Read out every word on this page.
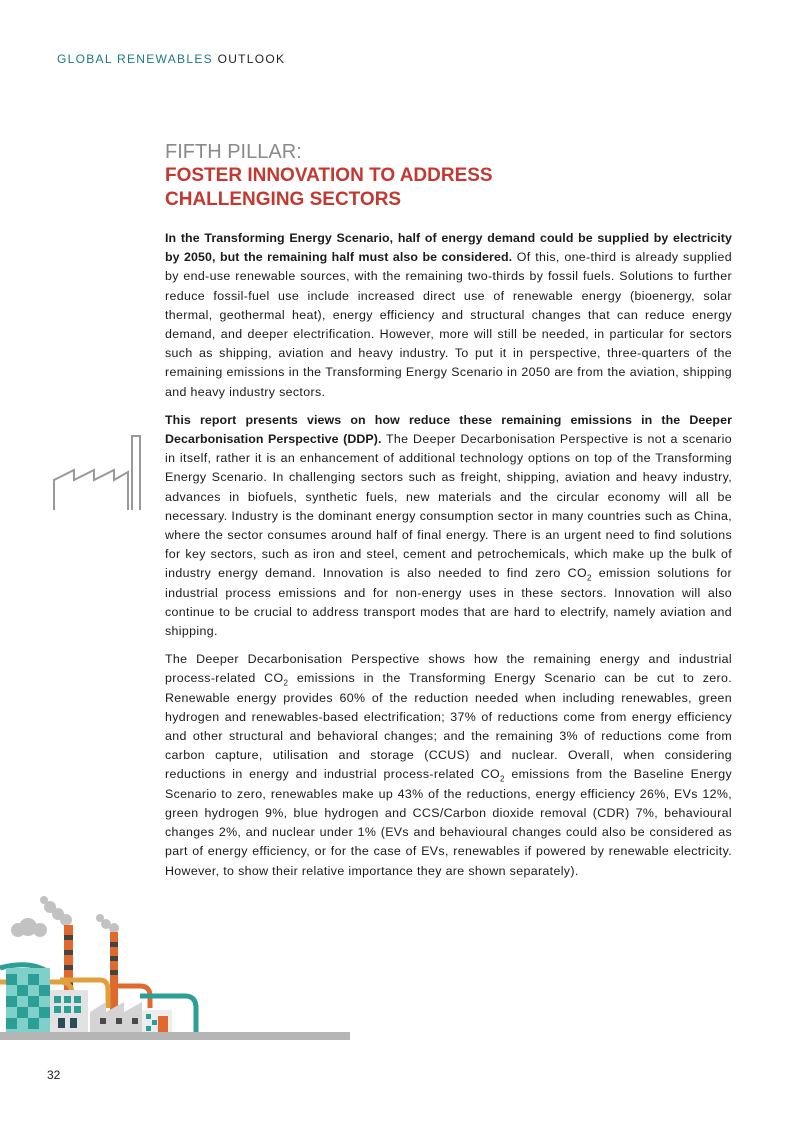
GLOBAL RENEWABLES OUTLOOK
FIFTH PILLAR:
FOSTER INNOVATION TO ADDRESS
CHALLENGING SECTORS

In the Transforming Energy Scenario, half of energy demand could be supplied by electricity by 2050, but the remaining half must also be considered. Of this, one-third is already supplied by end-use renewable sources, with the remaining two-thirds by fossil fuels. Solutions to further reduce fossil-fuel use include increased direct use of renewable energy (bioenergy, solar thermal, geothermal heat), energy efficiency and structural changes that can reduce energy demand, and deeper electrification. However, more will still be needed, in particular for sectors such as shipping, aviation and heavy industry. To put it in perspective, three-quarters of the remaining emissions in the Transforming Energy Scenario in 2050 are from the aviation, shipping and heavy industry sectors.

This report presents views on how reduce these remaining emissions in the Deeper Decarbonisation Perspective (DDP). The Deeper Decarbonisation Perspective is not a scenario in itself, rather it is an enhancement of additional technology options on top of the Transforming Energy Scenario. In challenging sectors such as freight, shipping, aviation and heavy industry, advances in biofuels, synthetic fuels, new materials and the circular economy will all be necessary. Industry is the dominant energy consumption sector in many countries such as China, where the sector consumes around half of final energy. There is an urgent need to find solutions for key sectors, such as iron and steel, cement and petrochemicals, which make up the bulk of industry energy demand. Innovation is also needed to find zero $CO_2$ emission solutions for industrial process emissions and for non-energy uses in these sectors. Innovation will also continue to be crucial to address transport modes that are hard to electrify, namely aviation and shipping.

The Deeper Decarbonisation Perspective shows how the remaining energy and industrial process-related $CO_2$ emissions in the Transforming Energy Scenario can be cut to zero. Renewable energy provides 60% of the reduction needed when including renewables, green hydrogen and renewables-based electrification; 37% of reductions come from energy efficiency and other structural and behavioral changes; and the remaining 3% of reductions come from carbon capture, utilisation and storage (CCUS) and nuclear. Overall, when considering reductions in energy and industrial process-related $CO_2$ emissions from the Baseline Energy Scenario to zero, renewables make up 43% of the reductions, energy efficiency 26%, EVs 12%, green hydrogen 9%, blue hydrogen and CCS/Carbon dioxide removal (CDR) 7%, behavioural changes 2%, and nuclear under 1% (EVs and behavioural changes could also be considered as part of energy efficiency, or for the case of EVs, renewables if powered by renewable electricity. However, to show their relative importance they are shown separately).

32
